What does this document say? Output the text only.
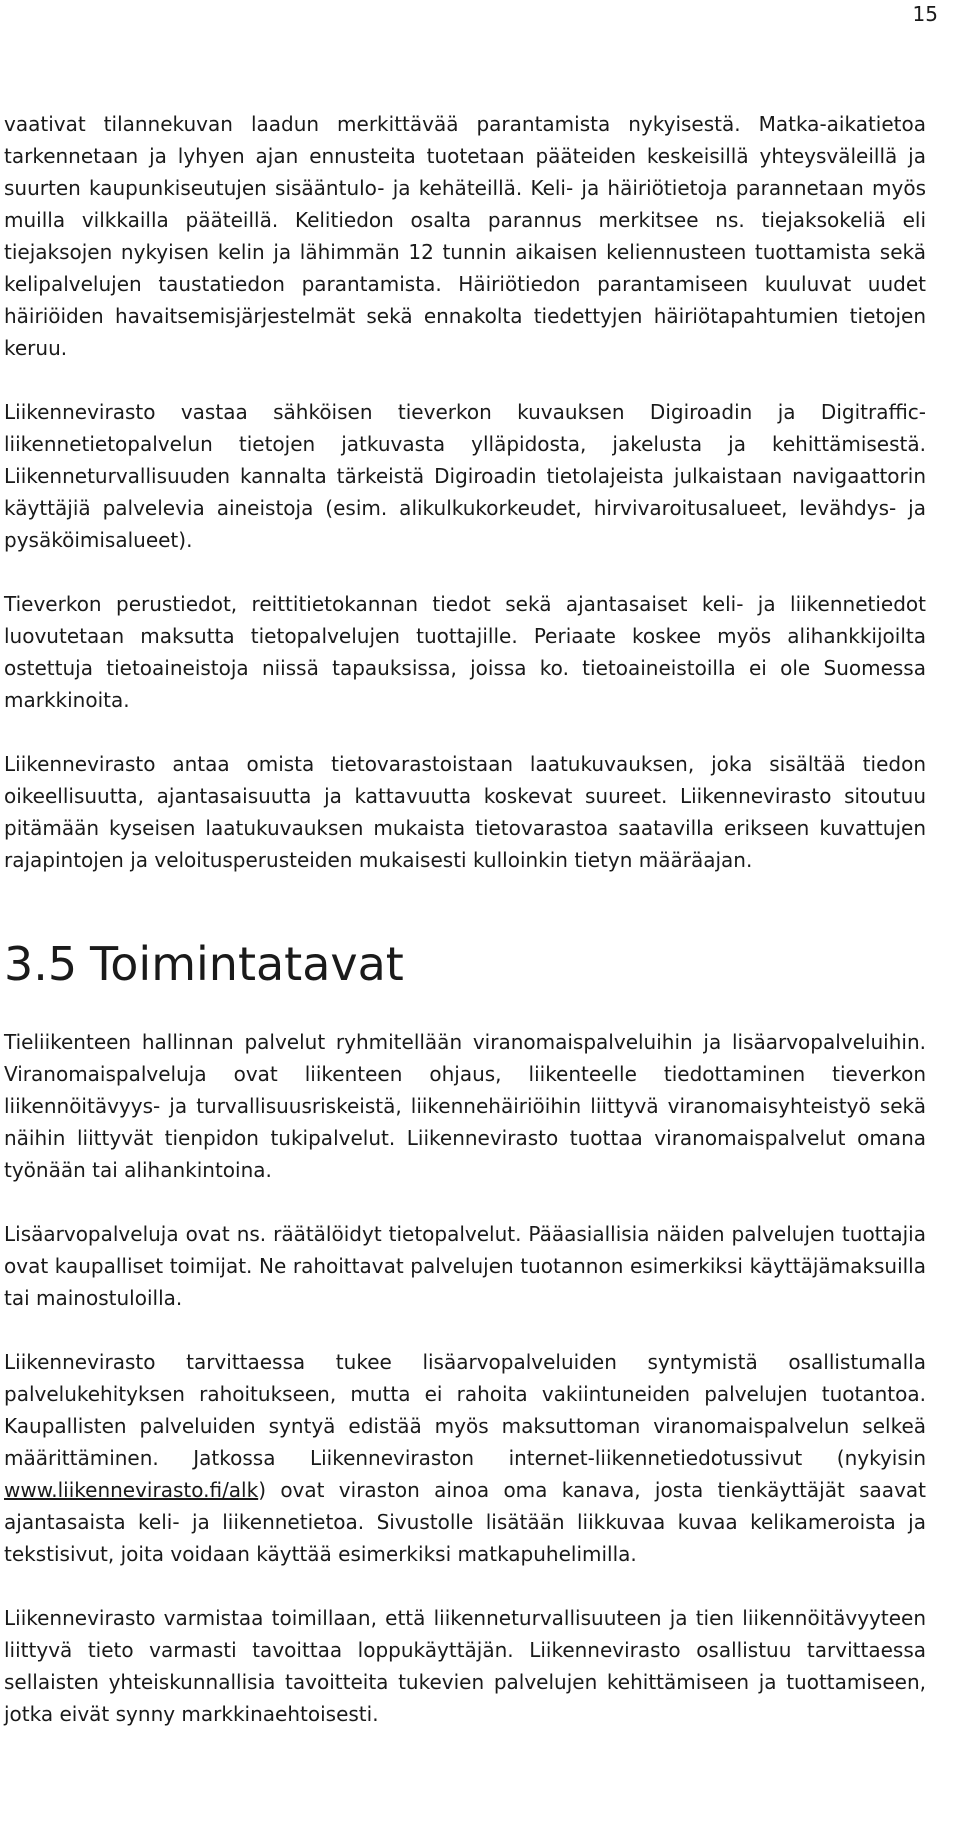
15

vaativat tilannekuvan laadun merkittävää parantamista nykyisestä. Matka-aikatietoa tarkennetaan ja lyhyen ajan ennusteita tuotetaan pääteiden keskeisillä yhteysväleillä ja suurten kaupunkiseutujen sisääntulo- ja kehäteillä. Keli- ja häiriötietoja parannetaan myös muilla vilkkailla pääteillä. Kelitiedon osalta parannus merkitsee ns. tiejaksokeliä eli tiejaksojen nykyisen kelin ja lähimmän 12 tunnin aikaisen keliennusteen tuottamista sekä kelipalvelujen taustatiedon parantamista. Häiriötiedon parantamiseen kuuluvat uudet häiriöiden havaitsemisjärjestelmät sekä ennakolta tiedettyjen häiriötapahtumien tietojen keruu.

Liikennevirasto vastaa sähköisen tieverkon kuvauksen Digiroadin ja Digitraffic-liikennetietopalvelun tietojen jatkuvasta ylläpidosta, jakelusta ja kehittämisestä. Liikenneturvallisuuden kannalta tärkeistä Digiroadin tietolajeista julkaistaan navigaattorin käyttäjiä palvelevia aineistoja (esim. alikulkukorkeudet, hirvivaroitusalueet, levähdys- ja pysäköimisalueet).

Tieverkon perustiedot, reittitietokannan tiedot sekä ajantasaiset keli- ja liikennetiedot luovutetaan maksutta tietopalvelujen tuottajille. Periaate koskee myös alihankkijoilta ostettuja tietoaineistoja niissä tapauksissa, joissa ko. tietoaineistoilla ei ole Suomessa markkinoita.

Liikennevirasto antaa omista tietovarastoistaan laatukuvauksen, joka sisältää tiedon oikeellisuutta, ajantasaisuutta ja kattavuutta koskevat suureet. Liikennevirasto sitoutuu pitämään kyseisen laatukuvauksen mukaista tietovarastoa saatavilla erikseen kuvattujen rajapintojen ja veloitusperusteiden mukaisesti kulloinkin tietyn määräajan.

3.5 Toimintatavat

Tieliikenteen hallinnan palvelut ryhmitellään viranomaispalveluihin ja lisäarvopalveluihin. Viranomaispalveluja ovat liikenteen ohjaus, liikenteelle tiedottaminen tieverkon liikennöitävyys- ja turvallisuusriskeistä, liikennehäiriöihin liittyvä viranomaisyhteistyö sekä näihin liittyvät tienpidon tukipalvelut. Liikennevirasto tuottaa viranomaispalvelut omana työnään tai alihankintoina.

Lisäarvopalveluja ovat ns. räätälöidyt tietopalvelut. Pääasiallisia näiden palvelujen tuottajia ovat kaupalliset toimijat. Ne rahoittavat palvelujen tuotannon esimerkiksi käyttäjämaksuilla tai mainostuloilla.

Liikennevirasto tarvittaessa tukee lisäarvopalveluiden syntymistä osallistumalla palvelukehityksen rahoitukseen, mutta ei rahoita vakiintuneiden palvelujen tuotantoa. Kaupallisten palveluiden syntyä edistää myös maksuttoman viranomaispalvelun selkeä määrittäminen. Jatkossa Liikenneviraston internet-liikennetiedotussivut (nykyisin www.liikennevirasto.fi/alk) ovat viraston ainoa oma kanava, josta tienkäyttäjät saavat ajantasaista keli- ja liikennetietoa. Sivustolle lisätään liikkuvaa kuvaa kelikameroista ja tekstisivut, joita voidaan käyttää esimerkiksi matkapuhelimilla.

Liikennevirasto varmistaa toimillaan, että liikenneturvallisuuteen ja tien liikennöitävyyteen liittyvä tieto varmasti tavoittaa loppukäyttäjän. Liikennevirasto osallistuu tarvittaessa sellaisten yhteiskunnallisia tavoitteita tukevien palvelujen kehittämiseen ja tuottamiseen, jotka eivät synny markkinaehtoisesti.
